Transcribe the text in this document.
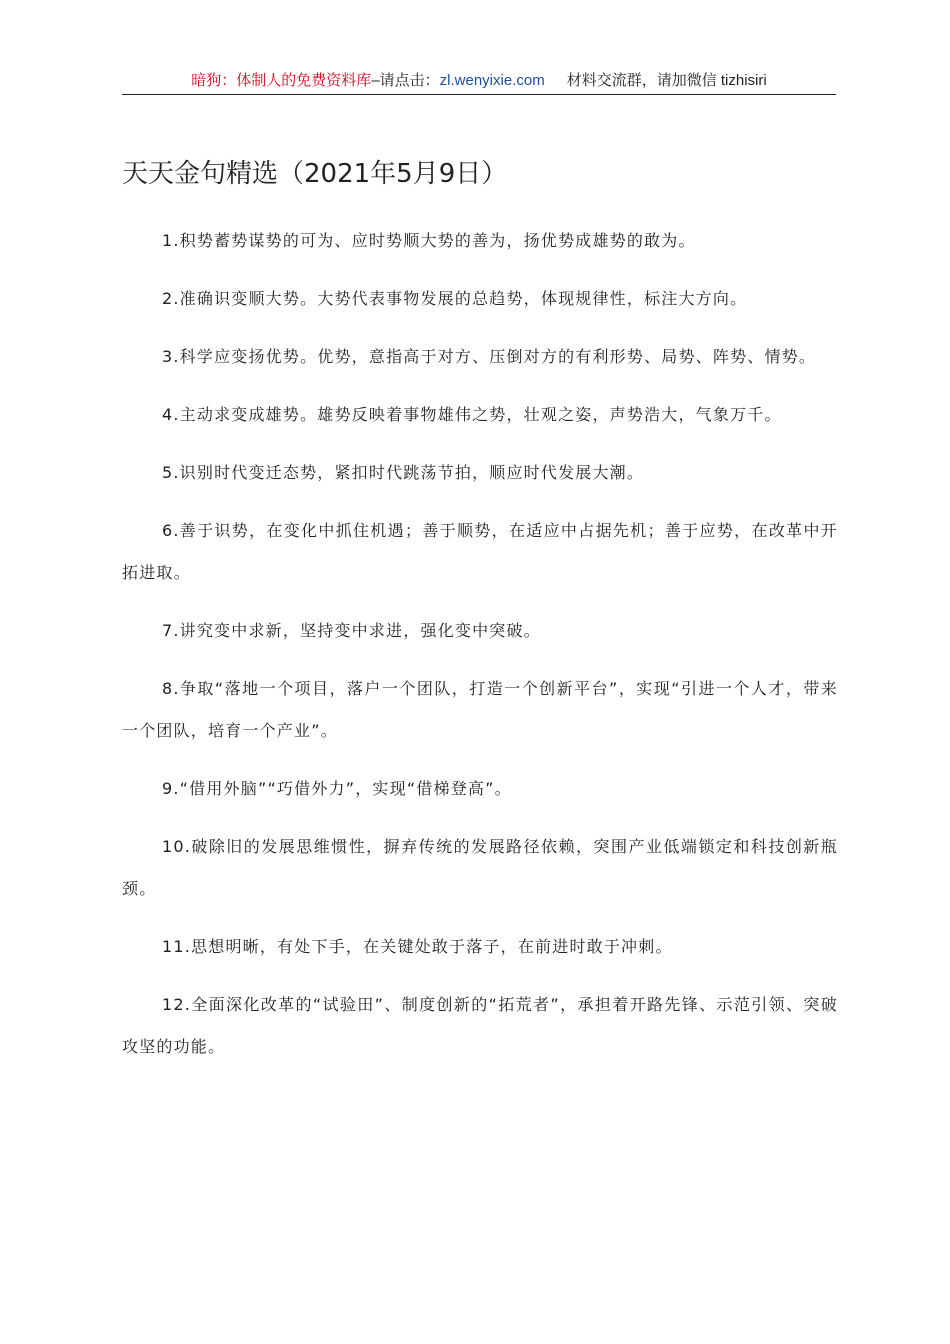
暗狗：体制人的免费资料库–请点击：zl.wenyixie.com 材料交流群，请加微信 tizhisiri
天天金句精选（2021年5月9日）
1.积势蓄势谋势的可为、应时势顺大势的善为，扬优势成雄势的敢为。
2.准确识变顺大势。大势代表事物发展的总趋势，体现规律性，标注大方向。
3.科学应变扬优势。优势，意指高于对方、压倒对方的有利形势、局势、阵势、情势。
4.主动求变成雄势。雄势反映着事物雄伟之势，壮观之姿，声势浩大，气象万千。
5.识别时代变迁态势，紧扣时代跳荡节拍，顺应时代发展大潮。
6.善于识势，在变化中抓住机遇；善于顺势，在适应中占据先机；善于应势，在改革中开拓进取。
7.讲究变中求新，坚持变中求进，强化变中突破。
8.争取“落地一个项目，落户一个团队，打造一个创新平台”，实现“引进一个人才，带来一个团队，培育一个产业”。
9.“借用外脑”“巧借外力”，实现“借梯登高”。
10.破除旧的发展思维惯性，摒弃传统的发展路径依赖，突围产业低端锁定和科技创新瓶颈。
11.思想明晰，有处下手，在关键处敢于落子，在前进时敢于冲刺。
12.全面深化改革的“试验田”、制度创新的“拓荒者”，承担着开路先锋、示范引领、突破攻坚的功能。
